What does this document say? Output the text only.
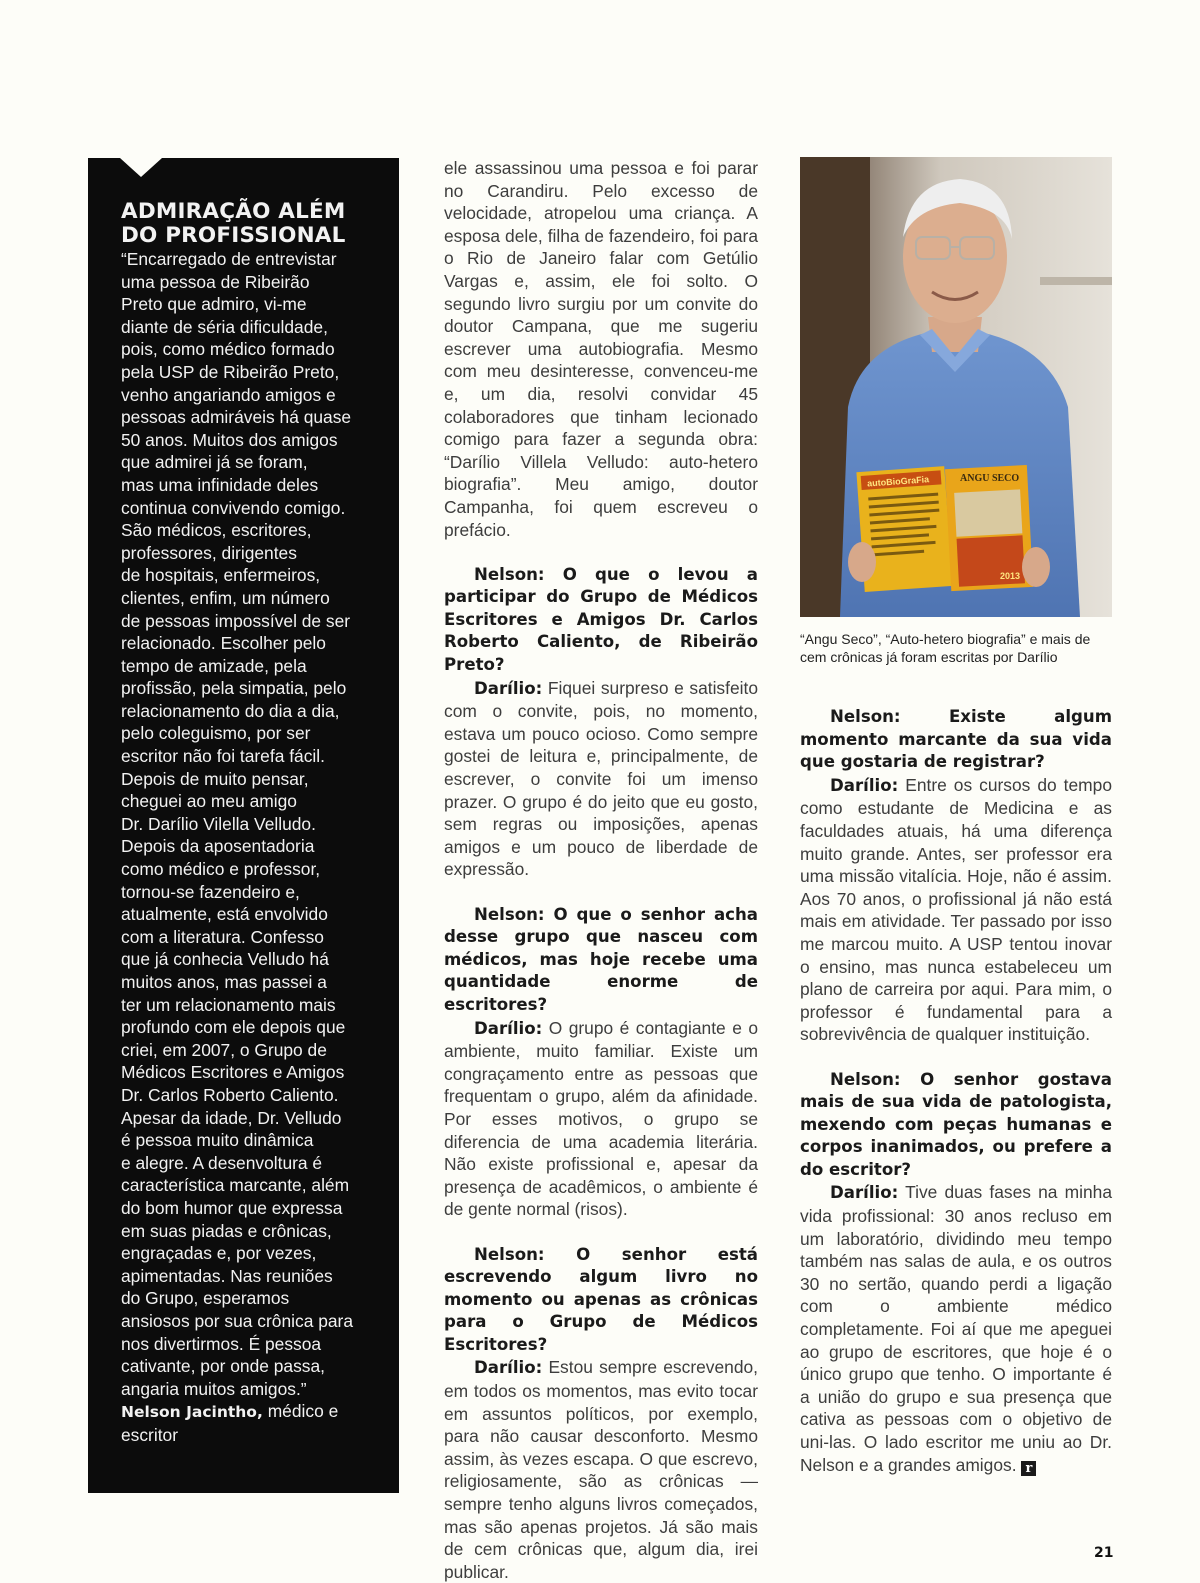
ADMIRAÇÃO ALÉM
DO PROFISSIONAL
“Encarregado de entrevistar
uma pessoa de Ribeirão
Preto que admiro, vi-me
diante de séria dificuldade,
pois, como médico formado
pela USP de Ribeirão Preto,
venho angariando amigos e
pessoas admiráveis há quase
50 anos. Muitos dos amigos
que admirei já se foram,
mas uma infinidade deles
continua convivendo comigo.
São médicos, escritores,
professores, dirigentes
de hospitais, enfermeiros,
clientes, enfim, um número
de pessoas impossível de ser
relacionado. Escolher pelo
tempo de amizade, pela
profissão, pela simpatia, pelo
relacionamento do dia a dia,
pelo coleguismo, por ser
escritor não foi tarefa fácil.
Depois de muito pensar,
cheguei ao meu amigo
Dr. Darílio Vilella Velludo.
Depois da aposentadoria
como médico e professor,
tornou-se fazendeiro e,
atualmente, está envolvido
com a literatura. Confesso
que já conhecia Velludo há
muitos anos, mas passei a
ter um relacionamento mais
profundo com ele depois que
criei, em 2007, o Grupo de
Médicos Escritores e Amigos
Dr. Carlos Roberto Caliento.
Apesar da idade, Dr. Velludo
é pessoa muito dinâmica
e alegre. A desenvoltura é
característica marcante, além
do bom humor que expressa
em suas piadas e crônicas,
engraçadas e, por vezes,
apimentadas. Nas reuniões
do Grupo, esperamos
ansiosos por sua crônica para
nos divertirmos. É pessoa
cativante, por onde passa,
angaria muitos amigos.”
Nelson Jacintho, médico e
escritor

ele assassinou uma pessoa e foi parar no Carandiru. Pelo excesso de velocidade, atropelou uma criança. A esposa dele, filha de fazendeiro, foi para o Rio de Janeiro falar com Getúlio Vargas e, assim, ele foi solto. O segundo livro surgiu por um convite do doutor Campana, que me sugeriu escrever uma autobiografia. Mesmo com meu desinteresse, convenceu-me e, um dia, resolvi convidar 45 colaboradores que tinham lecionado comigo para fazer a segunda obra: “Darílio Villela Velludo: auto-hetero biografia”. Meu amigo, doutor Campanha, foi quem escreveu o prefácio.

Nelson: O que o levou a participar do Grupo de Médicos Escritores e Amigos Dr. Carlos Roberto Caliento, de Ribeirão Preto?

Darílio: Fiquei surpreso e satisfeito com o convite, pois, no momento, estava um pouco ocioso. Como sempre gostei de leitura e, principalmente, de escrever, o convite foi um imenso prazer. O grupo é do jeito que eu gosto, sem regras ou imposições, apenas amigos e um pouco de liberdade de expressão.

Nelson: O que o senhor acha desse grupo que nasceu com médicos, mas hoje recebe uma quantidade enorme de escritores?

Darílio: O grupo é contagiante e o ambiente, muito familiar. Existe um congraçamento entre as pessoas que frequentam o grupo, além da afinidade. Por esses motivos, o grupo se diferencia de uma academia literária. Não existe profissional e, apesar da presença de acadêmicos, o ambiente é de gente normal (risos).

Nelson: O senhor está escrevendo algum livro no momento ou apenas as crônicas para o Grupo de Médicos Escritores?

Darílio: Estou sempre escrevendo, em todos os momentos, mas evito tocar em assuntos políticos, por exemplo, para não causar desconforto. Mesmo assim, às vezes escapa. O que escrevo, religiosamente, são as crônicas —sempre tenho alguns livros começados, mas são apenas projetos. Já são mais de cem crônicas que, algum dia, irei publicar.

autoBioGraFia	ANGU SECO
2013
“Angu Seco”, “Auto-hetero biografia” e mais de cem crônicas já foram escritas por Darílio

Nelson: Existe algum momento marcante da sua vida que gostaria de registrar?

Darílio: Entre os cursos do tempo como estudante de Medicina e as faculdades atuais, há uma diferença muito grande. Antes, ser professor era uma missão vitalícia. Hoje, não é assim. Aos 70 anos, o profissional já não está mais em atividade. Ter passado por isso me marcou muito. A USP tentou inovar o ensino, mas nunca estabeleceu um plano de carreira por aqui. Para mim, o professor é fundamental para a sobrevivência de qualquer instituição.

Nelson: O senhor gostava mais de sua vida de patologista, mexendo com peças humanas e corpos inanimados, ou prefere a do escritor?

Darílio: Tive duas fases na minha vida profissional: 30 anos recluso em um laboratório, dividindo meu tempo também nas salas de aula, e os outros 30 no sertão, quando perdi a ligação com o ambiente médico completamente. Foi aí que me apeguei ao grupo de escritores, que hoje é o único grupo que tenho. O importante é a união do grupo e sua presença que cativa as pessoas com o objetivo de uni-las. O lado escritor me uniu ao Dr. Nelson e a grandes amigos. r

21
